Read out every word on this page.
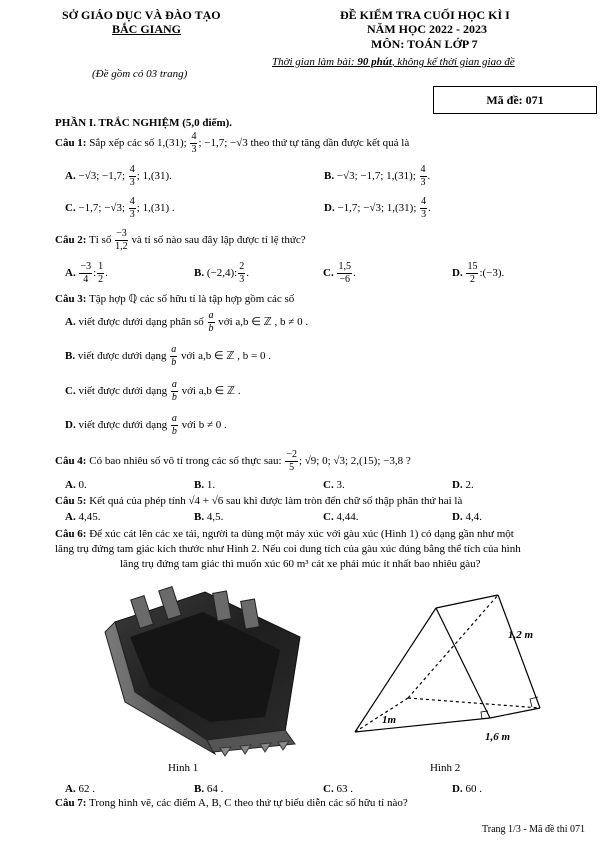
SỞ GIÁO DỤC VÀ ĐÀO TẠO
BẮC GIANG
(Đề gồm có 03 trang)
ĐỀ KIỂM TRA CUỐI HỌC KÌ I
NĂM HỌC 2022 - 2023
MÔN: TOÁN LỚP 7
Thời gian làm bài: 90 phút, không kể thời gian giao đề
Mã đề: 071
PHẦN I. TRẮC NGHIỆM (5,0 điểm).
Câu 1: Sắp xếp các số 1,(31); $\frac{4}{3}$ ; −1,7; −√3 theo thứ tự tăng dần được kết quả là
A. −√3; −1,7; $\frac{4}{3}$ ; 1,(31).	B. −√3; −1,7; 1,(31); $\frac{4}{3}$ .
C. −1,7; −√3; $\frac{4}{3}$ ; 1,(31) .	D. −1,7; −√3; 1,(31); $\frac{4}{3}$ .
Câu 2: Tỉ số $\frac{-3}{1,2}$ và tỉ số nào sau đây lập được tỉ lệ thức?
A. $\frac{-3}{4}$ : $\frac{1}{2}$ .	B. (−2,4): $\frac{2}{3}$ .	C. $\frac{1,5}{-6}$ .	D. $\frac{15}{2}$ :(−3).
Câu 3: Tập hợp ℚ các số hữu tỉ là tập hợp gồm các số
A. viết được dưới dạng phân số $\frac{a}{b}$ với a,b ∈ ℤ , b ≠ 0 .
B. viết được dưới dạng $\frac{a}{b}$ với a,b ∈ ℤ , b = 0 .
C. viết được dưới dạng $\frac{a}{b}$ với a,b ∈ ℤ .
D. viết được dưới dạng $\frac{a}{b}$ với b ≠ 0 .
Câu 4: Có bao nhiêu số vô tỉ trong các số thực sau: $\frac{-2}{5}$ ; √9; 0; √3; 2,(15); −3,8 ?
A. 0.	B. 1.	C. 3.	D. 2.
Câu 5: Kết quả của phép tính √4 + √6 sau khi được làm tròn đến chữ số thập phân thứ hai là
A. 4,45.	B. 4,5.	C. 4,44.	D. 4,4.
Câu 6: Để xúc cát lên các xe tải, người ta dùng một máy xúc với gàu xúc (Hình 1) có dạng gần như một
lăng trụ đứng tam giác kích thước như Hình 2. Nếu coi dung tích của gàu xúc đúng bằng thể tích của hình
lăng trụ đứng tam giác thì muốn xúc 60 m³ cát xe phải múc ít nhất bao nhiêu gàu?
1,2 m
1m
1,6 m
Hình 1	Hình 2
A. 62 .	B. 64 .	C. 63 .	D. 60 .
Câu 7: Trong hình vẽ, các điểm A, B, C theo thứ tự biểu diễn các số hữu tỉ nào?
Trang 1/3 - Mã đề thi 071
